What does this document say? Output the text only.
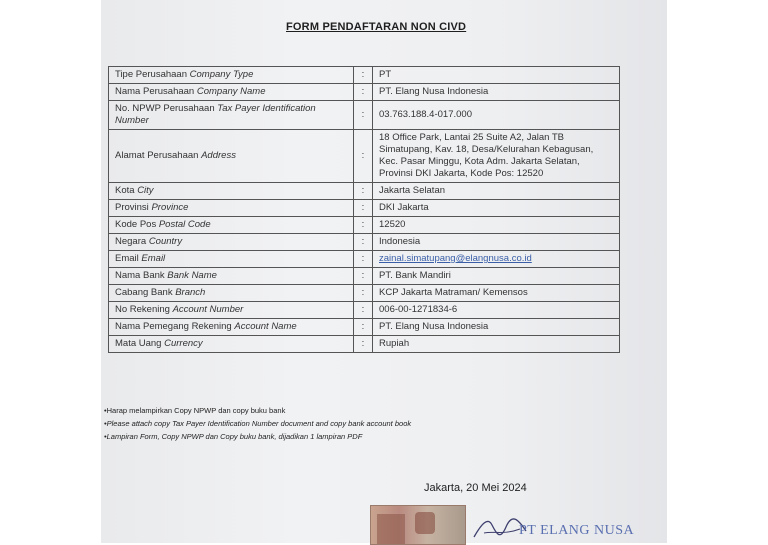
FORM PENDAFTARAN NON CIVD
Tipe Perusahaan Company Type	:	PT
Nama Perusahaan Company Name	:	PT. Elang Nusa Indonesia
No. NPWP Perusahaan Tax Payer Identification Number	:	03.763.188.4-017.000
Alamat Perusahaan Address	:	18 Office Park, Lantai 25 Suite A2, Jalan TB Simatupang, Kav. 18, Desa/Kelurahan Kebagusan, Kec. Pasar Minggu, Kota Adm. Jakarta Selatan, Provinsi DKI Jakarta, Kode Pos: 12520
Kota City	:	Jakarta Selatan
Provinsi Province	:	DKI Jakarta
Kode Pos Postal Code	:	12520
Negara Country	:	Indonesia
Email Email	:	zainal.simatupang@elangnusa.co.id
Nama Bank Bank Name	:	PT. Bank Mandiri
Cabang Bank Branch	:	KCP Jakarta Matraman/ Kemensos
No Rekening Account Number	:	006-00-1271834-6
Nama Pemegang Rekening Account Name	:	PT. Elang Nusa Indonesia
Mata Uang Currency	:	Rupiah
•Harap melampirkan Copy NPWP dan copy buku bank
•Please attach copy Tax Payer Identification Number document and copy bank account book
•Lampiran Form, Copy NPWP dan Copy buku bank, dijadikan 1 lampiran PDF
Jakarta, 20 Mei 2024
PT ELANG NUSA
